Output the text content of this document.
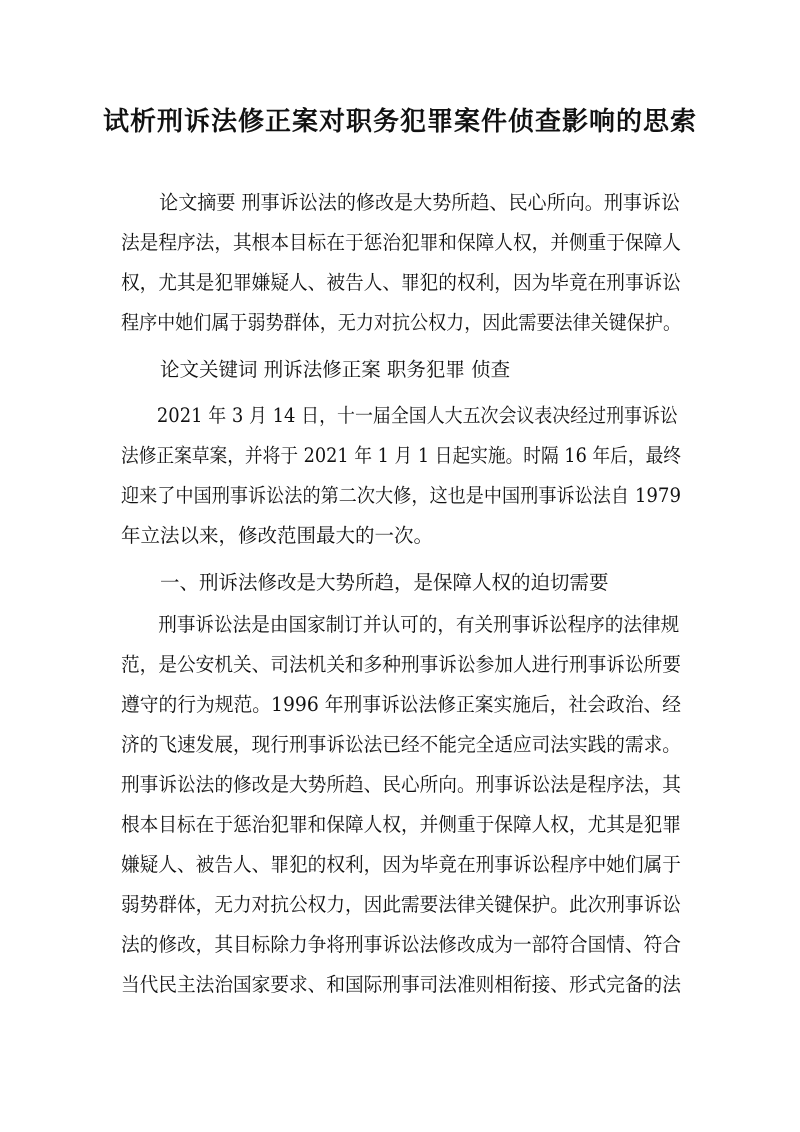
试析刑诉法修正案对职务犯罪案件侦查影响的思索
论文摘要 刑事诉讼法的修改是大势所趋、民心所向。刑事诉讼
法是程序法，其根本目标在于惩治犯罪和保障人权，并侧重于保障人
权，尤其是犯罪嫌疑人、被告人、罪犯的权利，因为毕竟在刑事诉讼
程序中她们属于弱势群体，无力对抗公权力，因此需要法律关键保护。
论文关键词 刑诉法修正案 职务犯罪 侦查
2021 年 3 月 14 日，十一届全国人大五次会议表决经过刑事诉讼
法修正案草案，并将于 2021 年 1 月 1 日起实施。时隔 16 年后，最终
迎来了中国刑事诉讼法的第二次大修，这也是中国刑事诉讼法自 1979
年立法以来，修改范围最大的一次。
一、刑诉法修改是大势所趋，是保障人权的迫切需要
刑事诉讼法是由国家制订并认可的，有关刑事诉讼程序的法律规
范，是公安机关、司法机关和多种刑事诉讼参加人进行刑事诉讼所要
遵守的行为规范。1996 年刑事诉讼法修正案实施后，社会政治、经
济的飞速发展，现行刑事诉讼法已经不能完全适应司法实践的需求。
刑事诉讼法的修改是大势所趋、民心所向。刑事诉讼法是程序法，其
根本目标在于惩治犯罪和保障人权，并侧重于保障人权，尤其是犯罪
嫌疑人、被告人、罪犯的权利，因为毕竟在刑事诉讼程序中她们属于
弱势群体，无力对抗公权力，因此需要法律关键保护。此次刑事诉讼
法的修改，其目标除力争将刑事诉讼法修改成为一部符合国情、符合
当代民主法治国家要求、和国际刑事司法准则相衔接、形式完备的法
